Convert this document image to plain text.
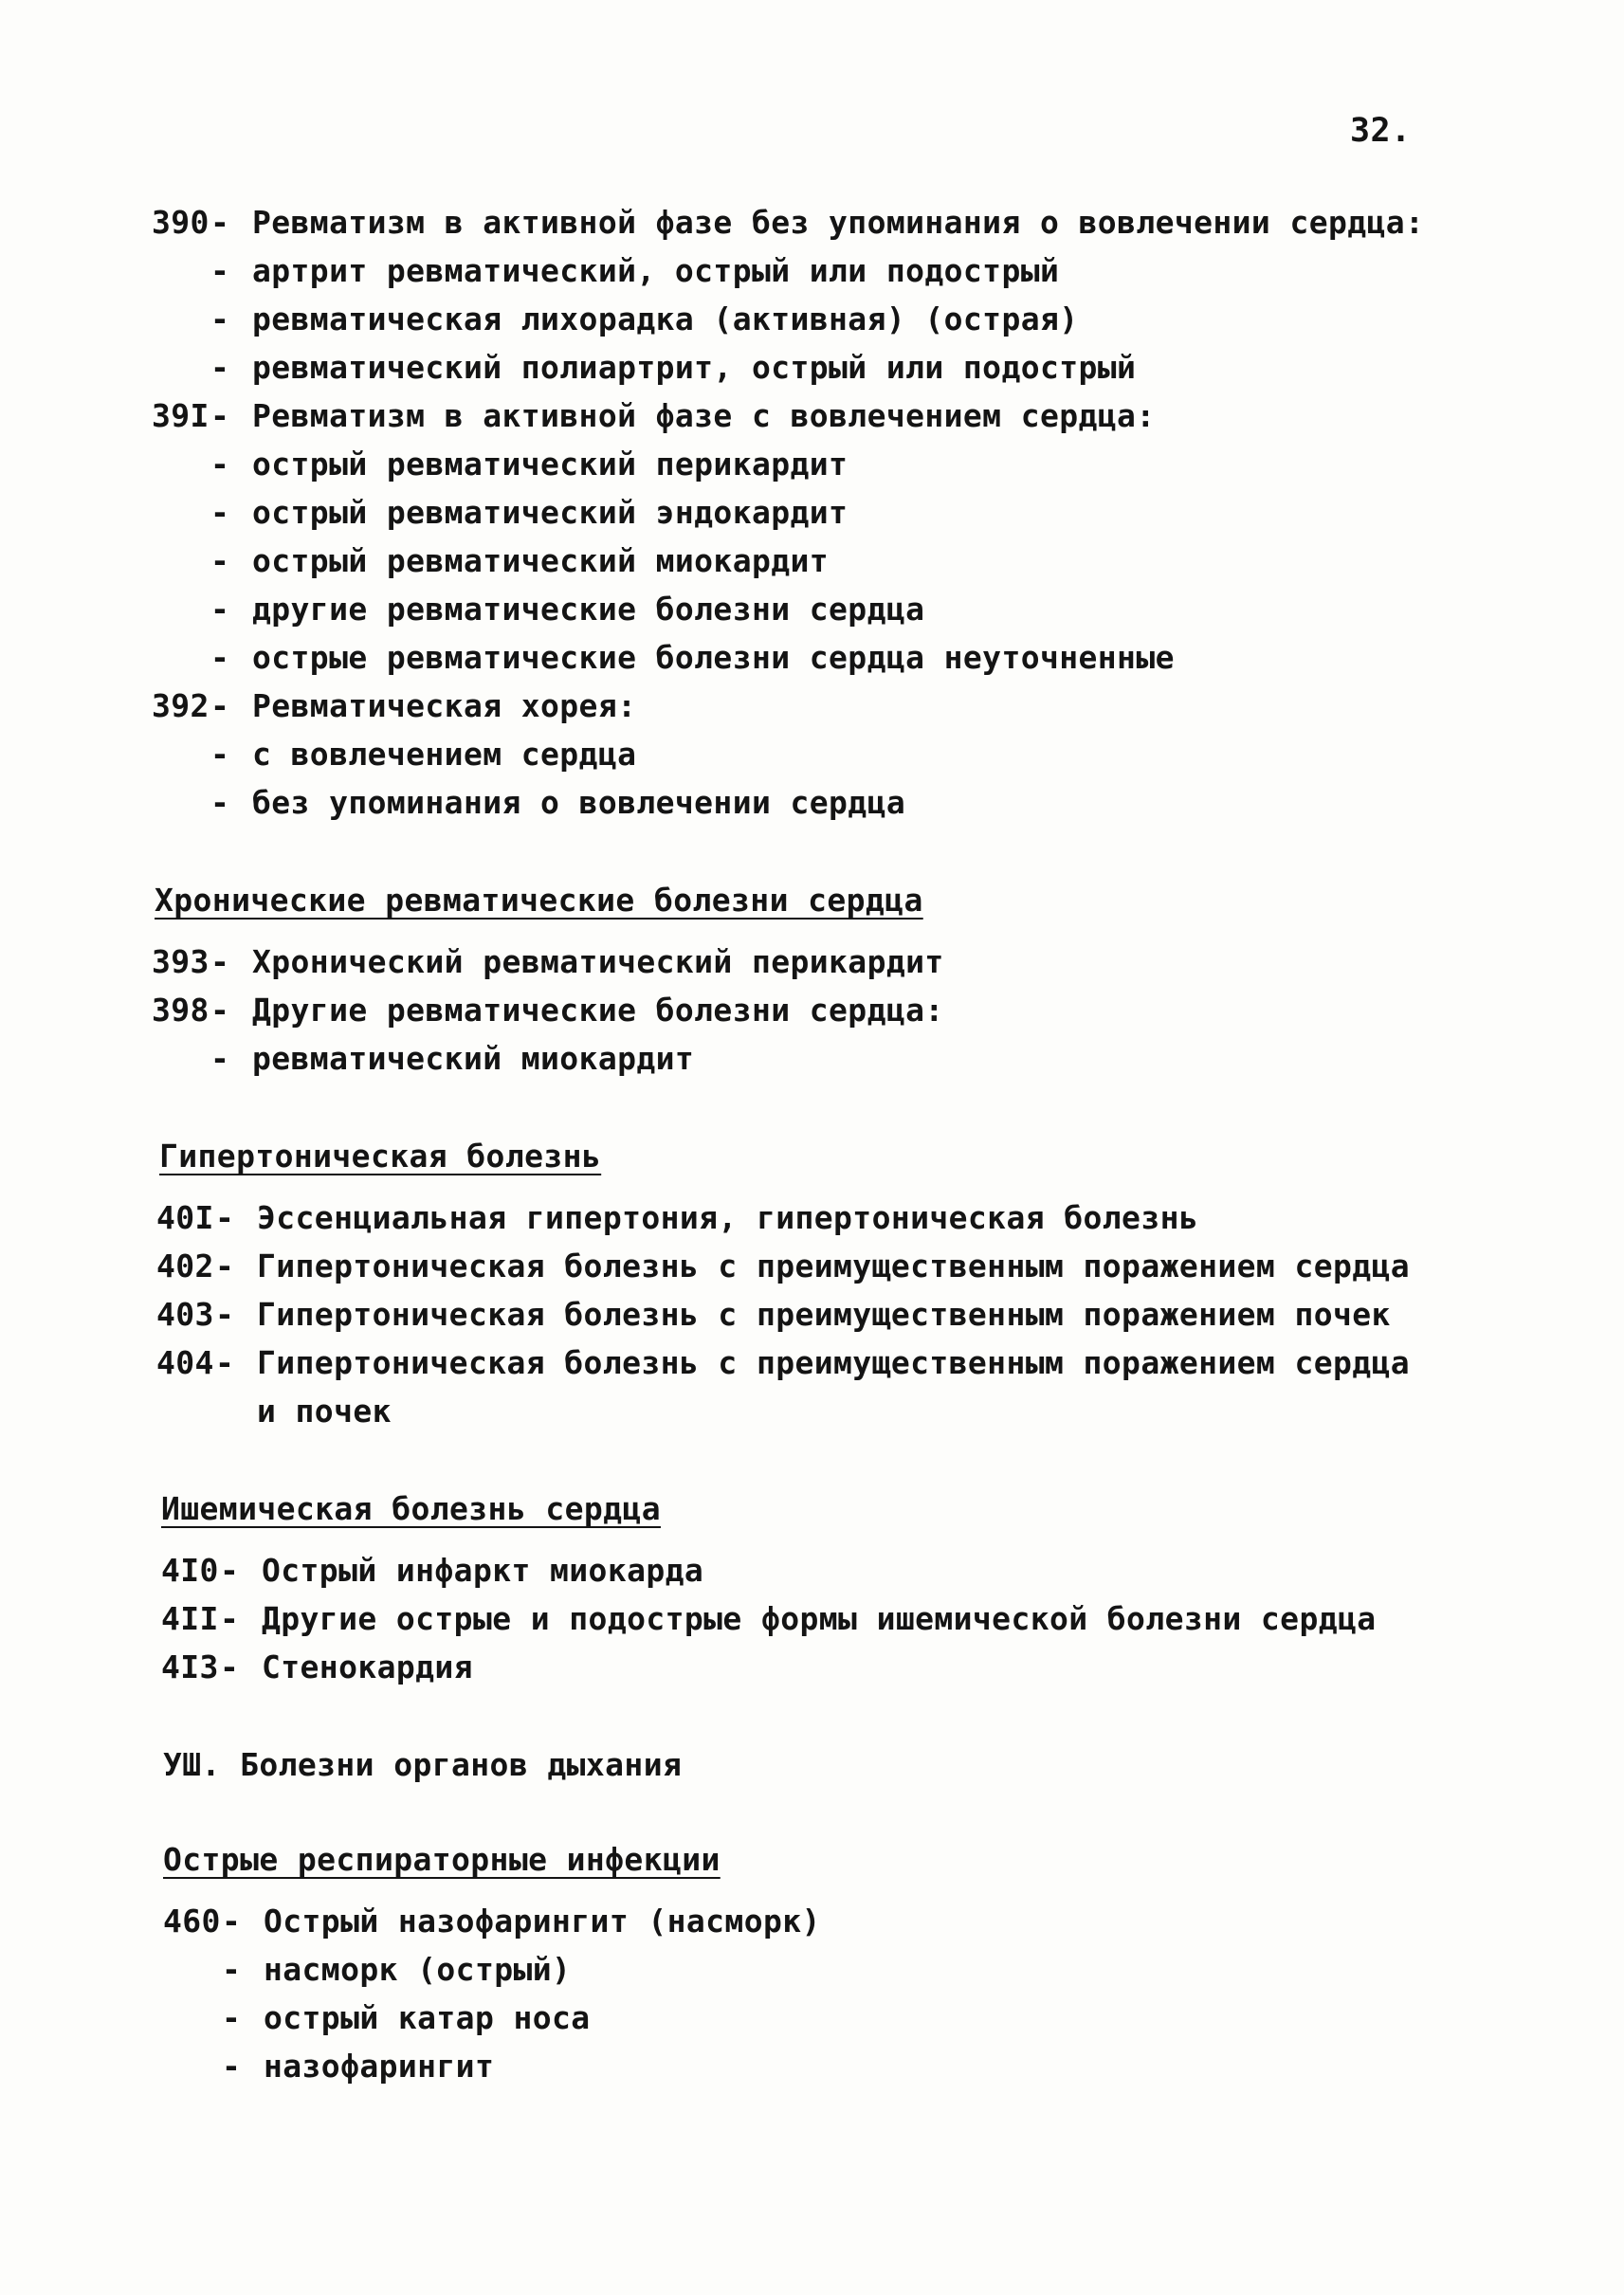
32.
390- Ревматизм в активной фазе без упоминания о вовлечении сердца:
- артрит ревматический, острый или подострый
- ревматическая лихорадка (активная) (острая)
- ревматический полиартрит, острый или подострый
39I- Ревматизм в активной фазе с вовлечением сердца:
- острый ревматический перикардит
- острый ревматический эндокардит
- острый ревматический миокардит
- другие ревматические болезни сердца
- острые ревматические болезни сердца неуточненные
392- Ревматическая хорея:
- с вовлечением сердца
- без упоминания о вовлечении сердца
Хронические ревматические болезни сердца
393- Хронический ревматический перикардит
398- Другие ревматические болезни сердца:
- ревматический миокардит
Гипертоническая болезнь
40I- Эссенциальная гипертония, гипертоническая болезнь
402- Гипертоническая болезнь с преимущественным поражением сердца
403- Гипертоническая болезнь с преимущественным поражением почек
404- Гипертоническая болезнь с преимущественным поражением сердца
и почек
Ишемическая болезнь сердца
4I0- Острый инфаркт миокарда
4II- Другие острые и подострые формы ишемической болезни сердца
4I3- Стенокардия
УШ. Болезни органов дыхания
Острые респираторные инфекции
460- Острый назофарингит (насморк)
- насморк (острый)
- острый катар носа
- назофарингит
